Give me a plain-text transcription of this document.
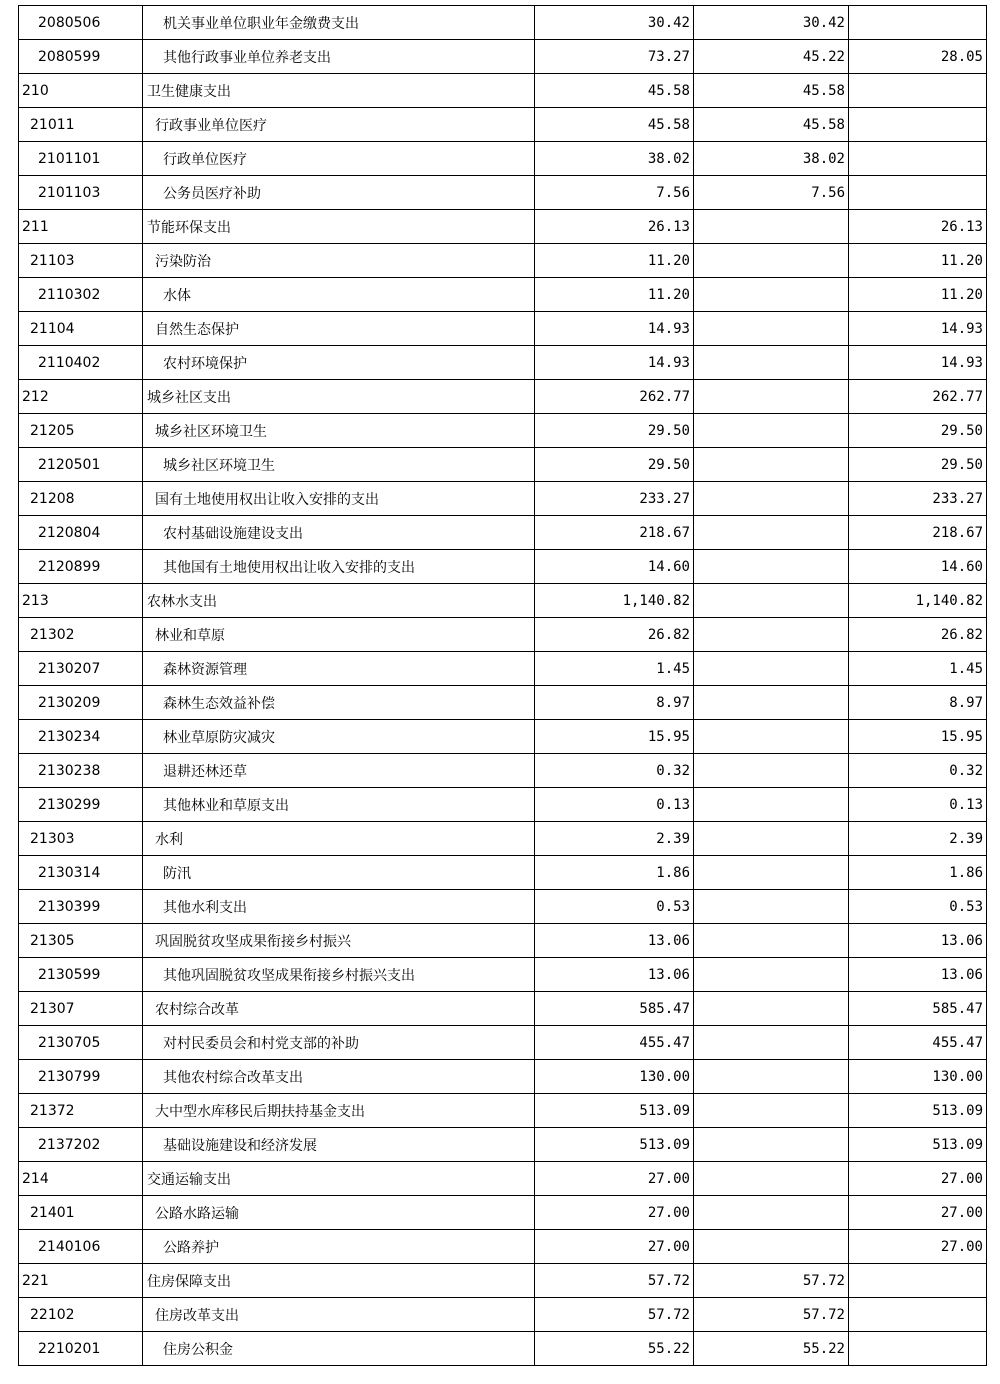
2080506	机关事业单位职业年金缴费支出	30.42	30.42	
2080599	其他行政事业单位养老支出	73.27	45.22	28.05
210	卫生健康支出	45.58	45.58	
21011	行政事业单位医疗	45.58	45.58	
2101101	行政单位医疗	38.02	38.02	
2101103	公务员医疗补助	7.56	7.56	
211	节能环保支出	26.13		26.13
21103	污染防治	11.20		11.20
2110302	水体	11.20		11.20
21104	自然生态保护	14.93		14.93
2110402	农村环境保护	14.93		14.93
212	城乡社区支出	262.77		262.77
21205	城乡社区环境卫生	29.50		29.50
2120501	城乡社区环境卫生	29.50		29.50
21208	国有土地使用权出让收入安排的支出	233.27		233.27
2120804	农村基础设施建设支出	218.67		218.67
2120899	其他国有土地使用权出让收入安排的支出	14.60		14.60
213	农林水支出	1,140.82		1,140.82
21302	林业和草原	26.82		26.82
2130207	森林资源管理	1.45		1.45
2130209	森林生态效益补偿	8.97		8.97
2130234	林业草原防灾减灾	15.95		15.95
2130238	退耕还林还草	0.32		0.32
2130299	其他林业和草原支出	0.13		0.13
21303	水利	2.39		2.39
2130314	防汛	1.86		1.86
2130399	其他水利支出	0.53		0.53
21305	巩固脱贫攻坚成果衔接乡村振兴	13.06		13.06
2130599	其他巩固脱贫攻坚成果衔接乡村振兴支出	13.06		13.06
21307	农村综合改革	585.47		585.47
2130705	对村民委员会和村党支部的补助	455.47		455.47
2130799	其他农村综合改革支出	130.00		130.00
21372	大中型水库移民后期扶持基金支出	513.09		513.09
2137202	基础设施建设和经济发展	513.09		513.09
214	交通运输支出	27.00		27.00
21401	公路水路运输	27.00		27.00
2140106	公路养护	27.00		27.00
221	住房保障支出	57.72	57.72	
22102	住房改革支出	57.72	57.72	
2210201	住房公积金	55.22	55.22	
